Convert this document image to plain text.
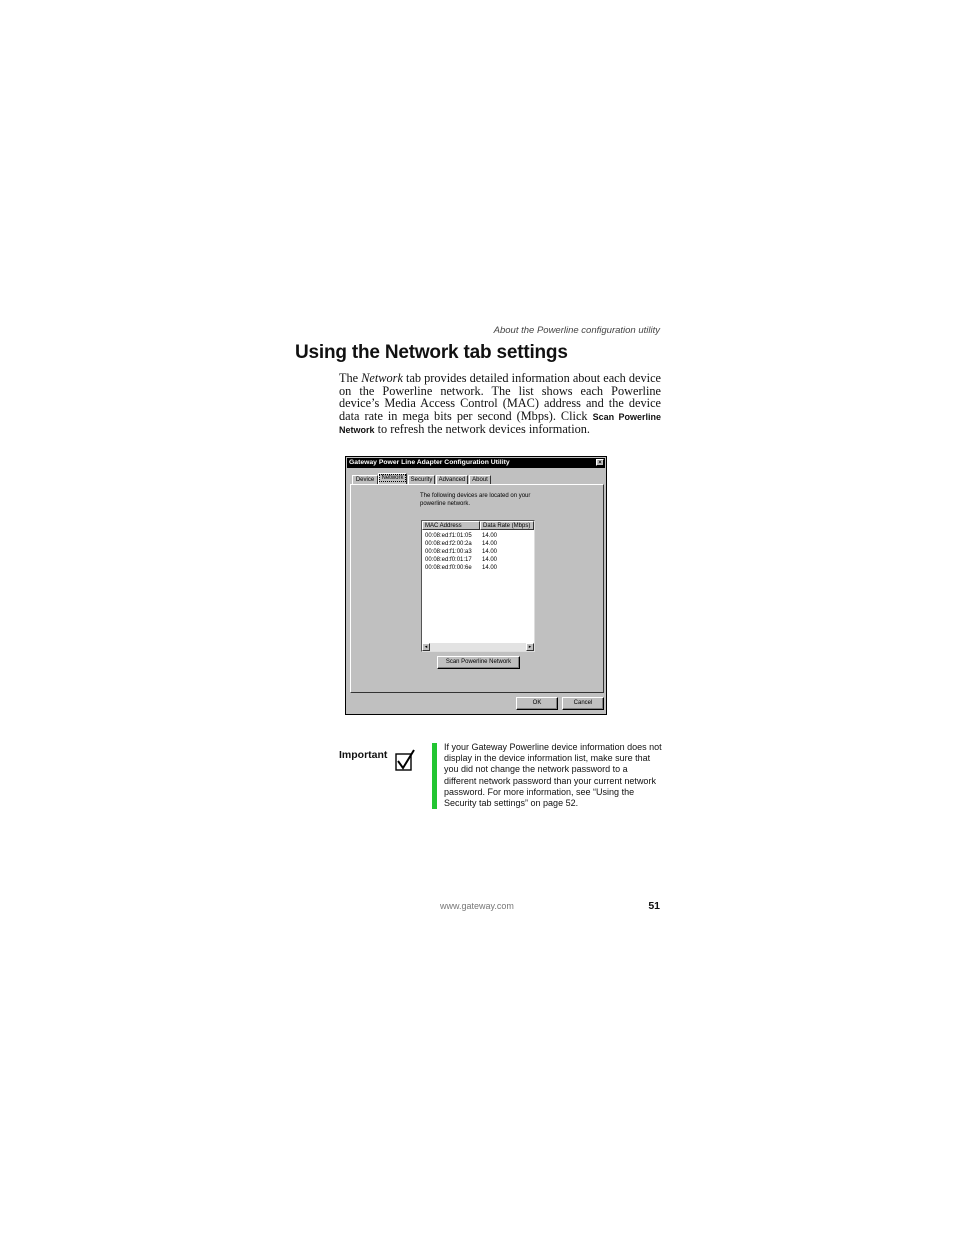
About the Powerline configuration utility
Using the Network tab settings

The Network tab provides detailed information about each device on the Powerline network. The list shows each Powerline device’s Media Access Control (MAC) address and the device data rate in mega bits per second (Mbps). Click Scan Powerline Network to refresh the network devices information.

Gateway Power Line Adapter Configuration Utility	×
Device	Network	Security	Advanced	About
The following devices are located on your powerline network.
MAC Address	Data Rate (Mbps)
00:08:ed:f1:01:05 14.00
00:08:ed:f2:00:2a 14.00
00:08:ed:f1:00:a3 14.00
00:08:ed:f0:01:17 14.00
00:08:ed:f0:00:6e 14.00
◂	▸
Scan Powerline Network
OK	Cancel
Important

If your Gateway Powerline device information does not display in the device information list, make sure that you did not change the network password to a different network password than your current network password. For more information, see “Using the Security tab settings” on page 52.

www.gateway.com	51
